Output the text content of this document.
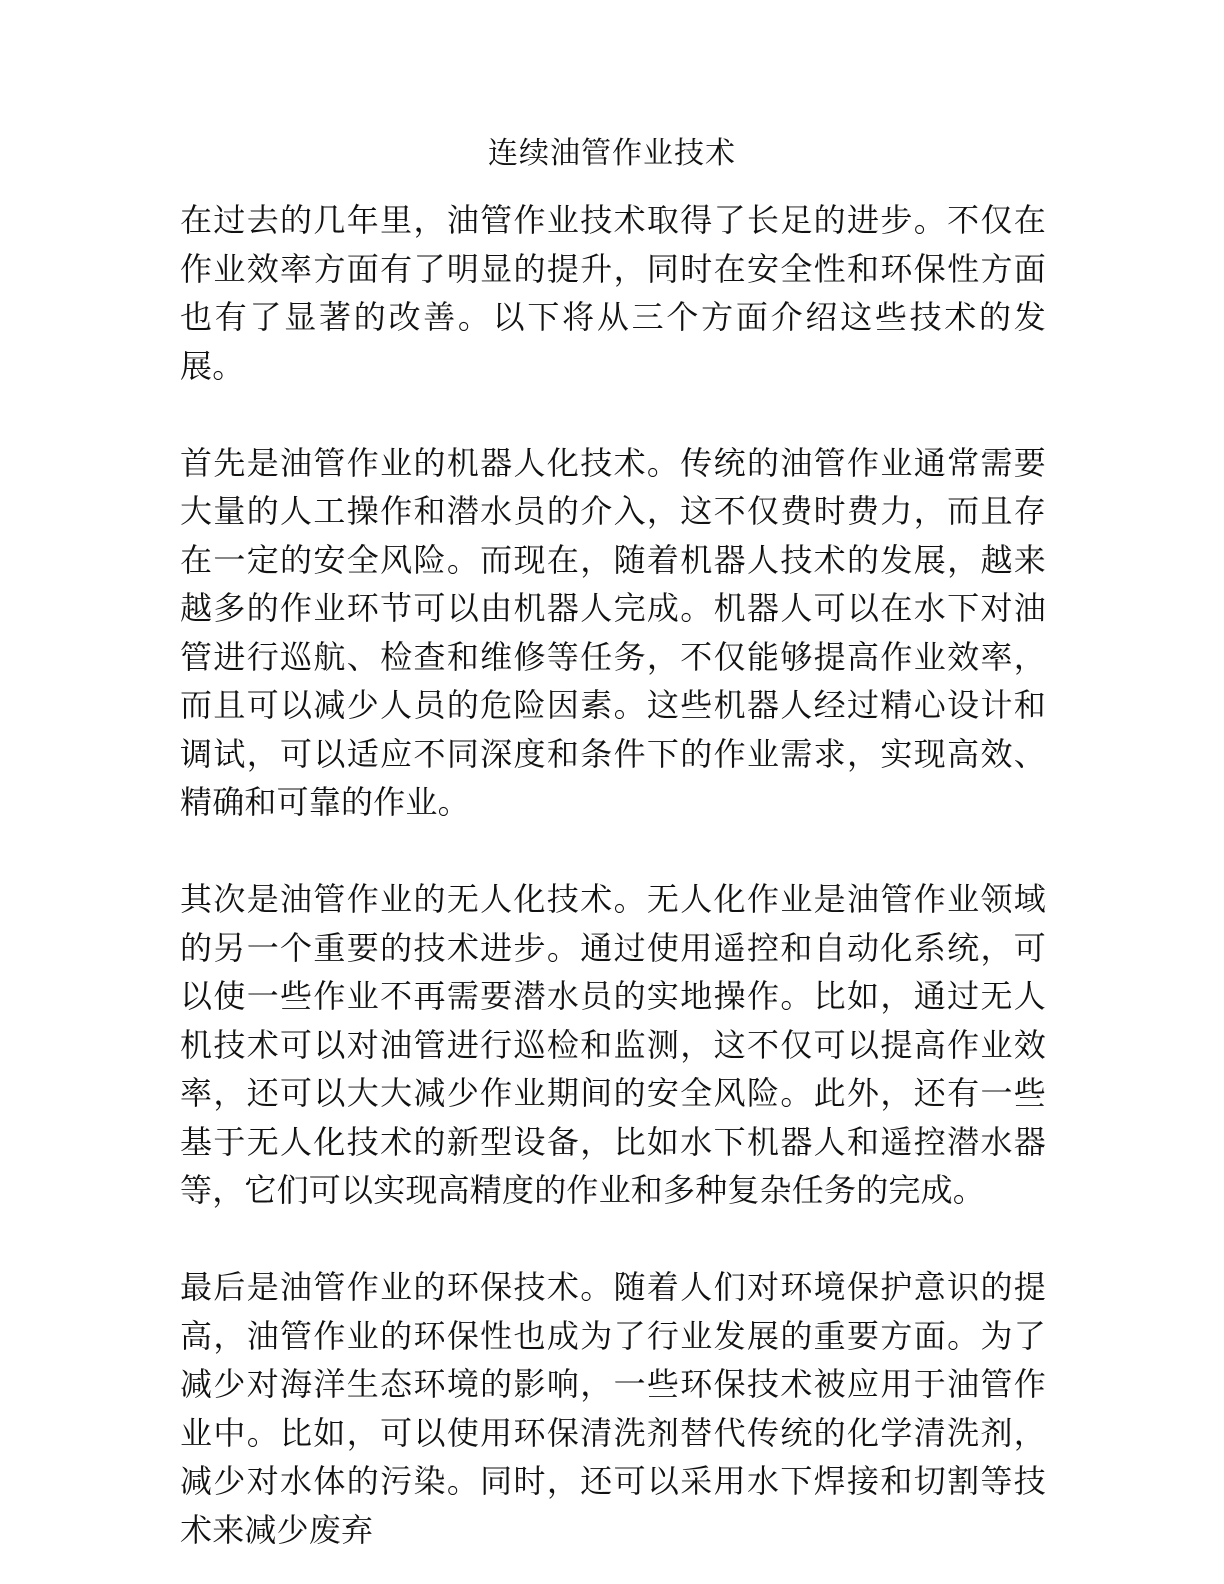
连续油管作业技术

在过去的几年里，油管作业技术取得了长足的进步。不仅在作业效率方面有了明显的提升，同时在安全性和环保性方面也有了显著的改善。以下将从三个方面介绍这些技术的发展。

首先是油管作业的机器人化技术。传统的油管作业通常需要大量的人工操作和潜水员的介入，这不仅费时费力，而且存在一定的安全风险。而现在，随着机器人技术的发展，越来越多的作业环节可以由机器人完成。机器人可以在水下对油管进行巡航、检查和维修等任务，不仅能够提高作业效率，而且可以减少人员的危险因素。这些机器人经过精心设计和调试，可以适应不同深度和条件下的作业需求，实现高效、精确和可靠的作业。

其次是油管作业的无人化技术。无人化作业是油管作业领域的另一个重要的技术进步。通过使用遥控和自动化系统，可以使一些作业不再需要潜水员的实地操作。比如，通过无人机技术可以对油管进行巡检和监测，这不仅可以提高作业效率，还可以大大减少作业期间的安全风险。此外，还有一些基于无人化技术的新型设备，比如水下机器人和遥控潜水器等，它们可以实现高精度的作业和多种复杂任务的完成。

最后是油管作业的环保技术。随着人们对环境保护意识的提高，油管作业的环保性也成为了行业发展的重要方面。为了减少对海洋生态环境的影响，一些环保技术被应用于油管作业中。比如，可以使用环保清洗剂替代传统的化学清洗剂，减少对水体的污染。同时，还可以采用水下焊接和切割等技术来减少废弃
